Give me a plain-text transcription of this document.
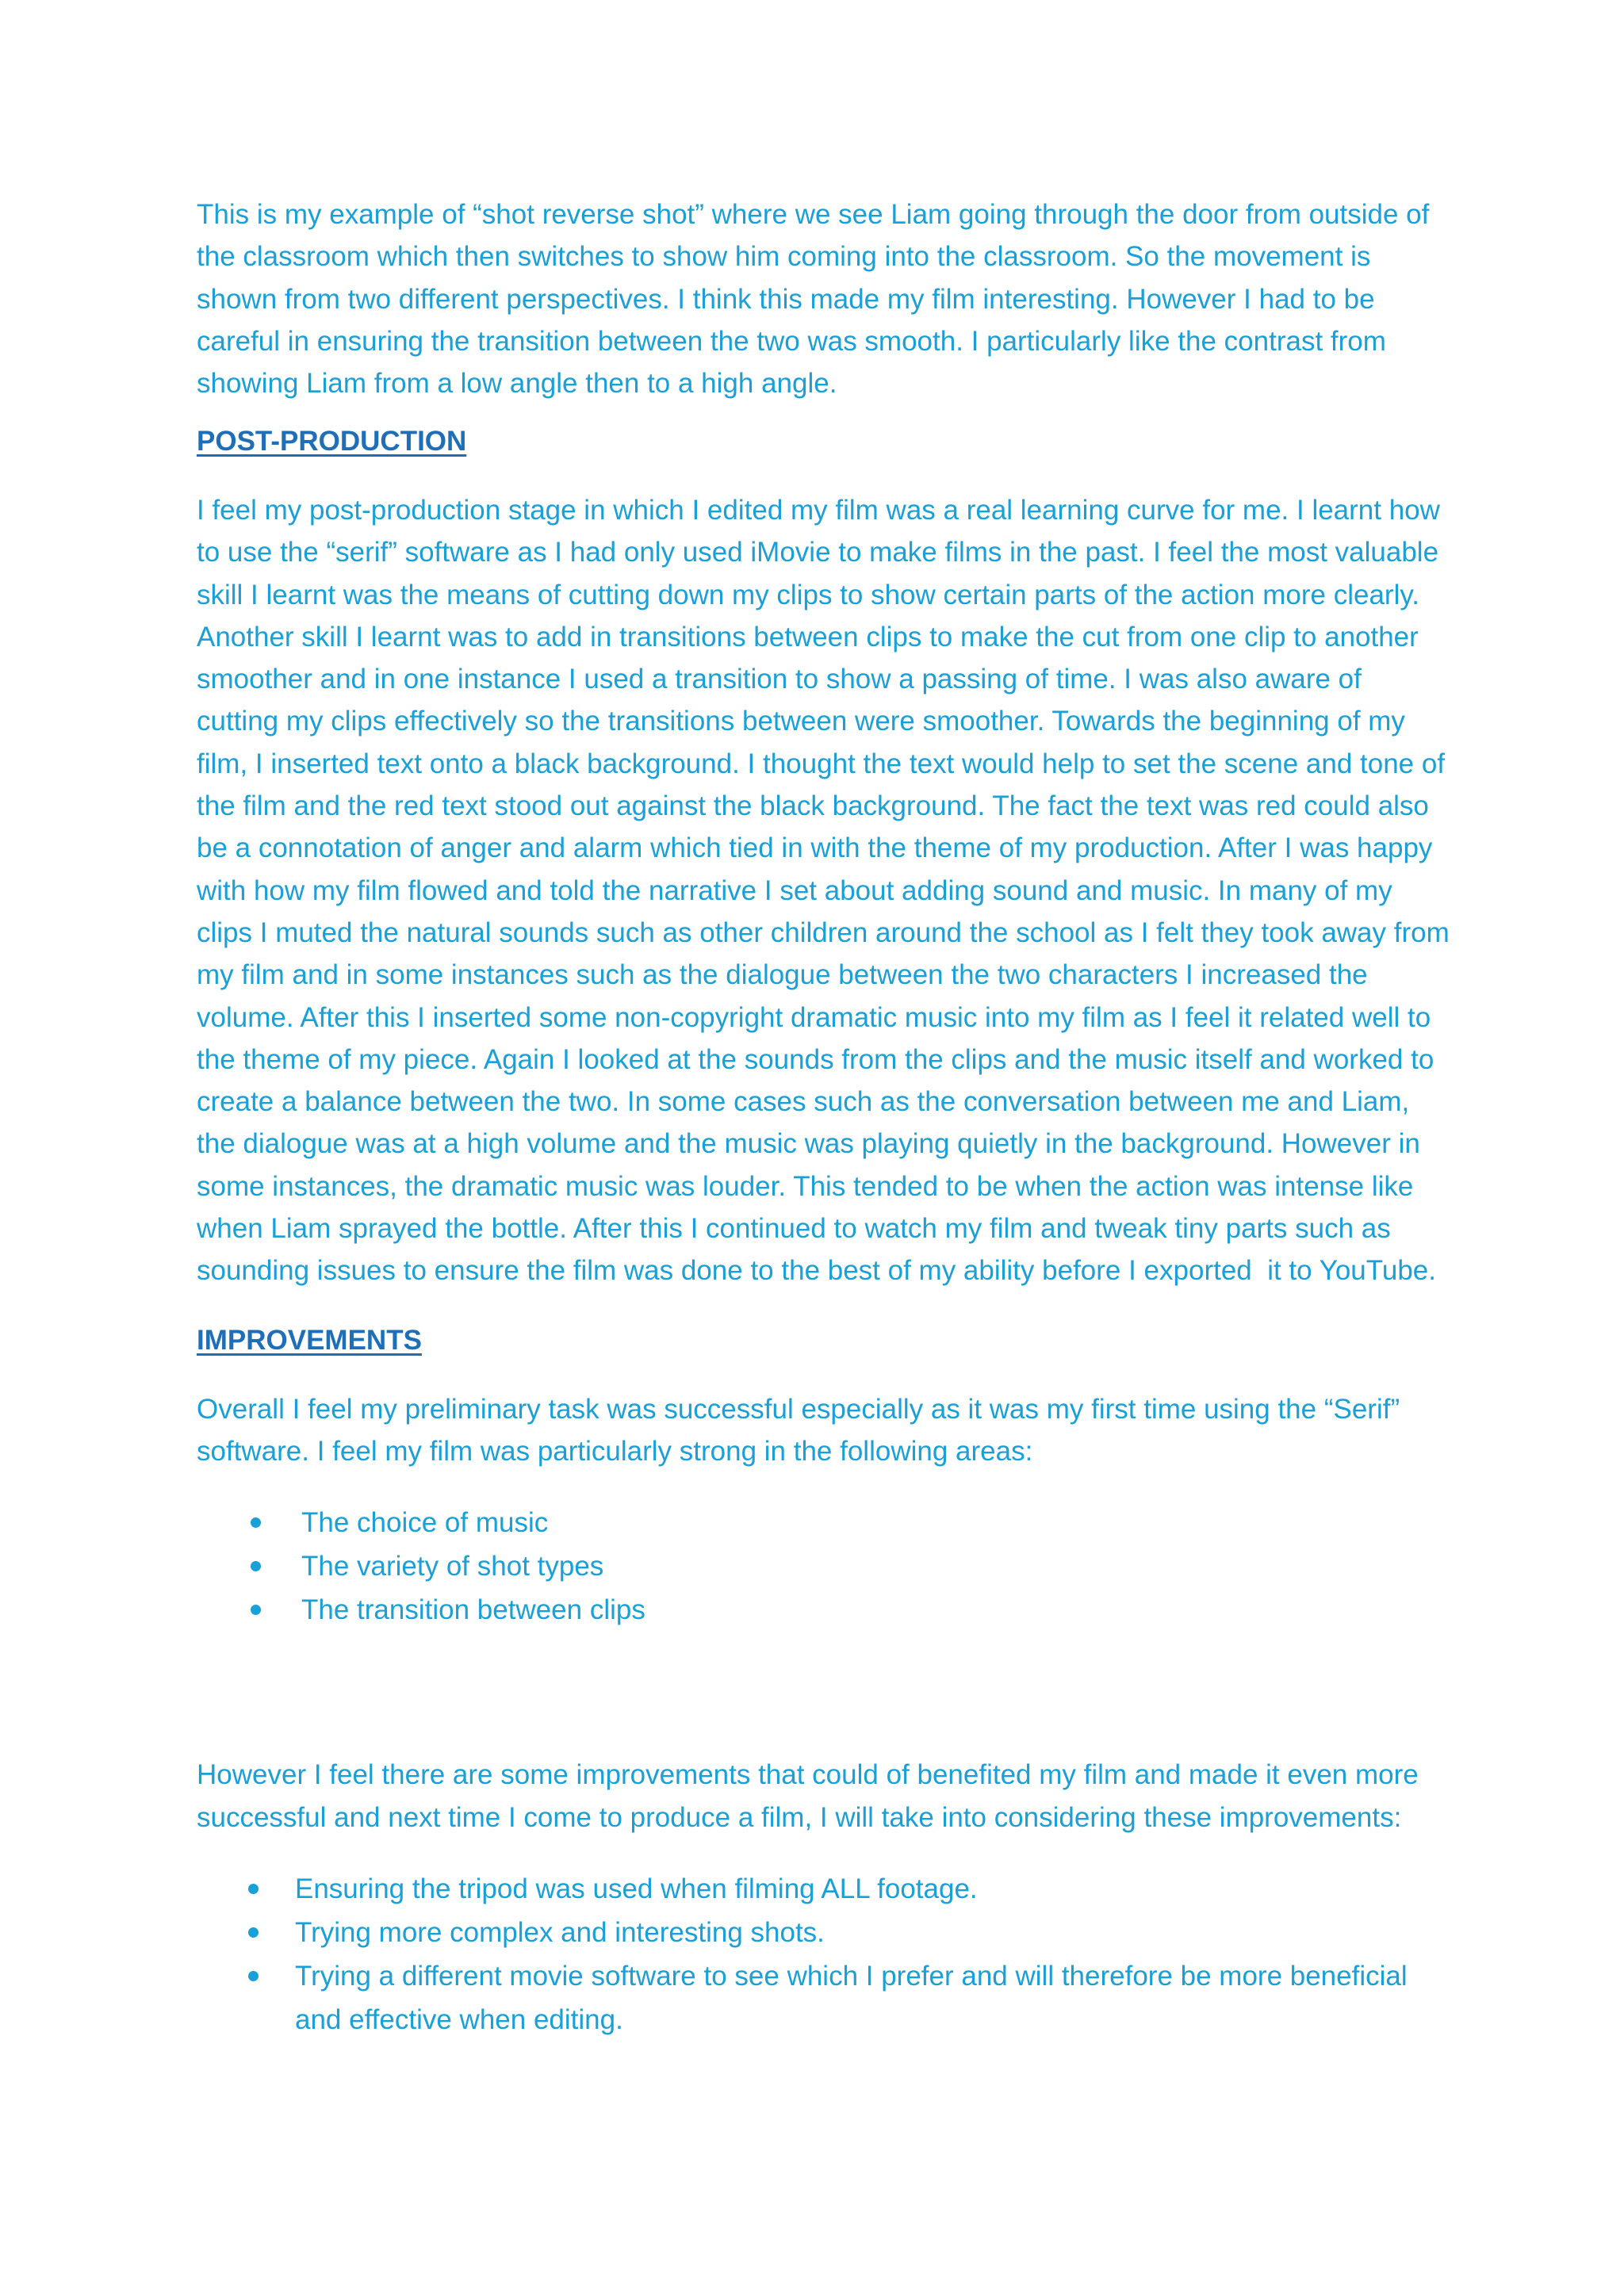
This is my example of “shot reverse shot” where we see Liam going through the door from outside of the classroom which then switches to show him coming into the classroom. So the movement is shown from two different perspectives. I think this made my film interesting. However I had to be careful in ensuring the transition between the two was smooth. I particularly like the contrast from showing Liam from a low angle then to a high angle.

POST-PRODUCTION

I feel my post-production stage in which I edited my film was a real learning curve for me. I learnt how to use the “serif” software as I had only used iMovie to make films in the past. I feel the most valuable skill I learnt was the means of cutting down my clips to show certain parts of the action more clearly. Another skill I learnt was to add in transitions between clips to make the cut from one clip to another smoother and in one instance I used a transition to show a passing of time. I was also aware of cutting my clips effectively so the transitions between were smoother. Towards the beginning of my film, I inserted text onto a black background. I thought the text would help to set the scene and tone of the film and the red text stood out against the black background. The fact the text was red could also be a connotation of anger and alarm which tied in with the theme of my production. After I was happy with how my film flowed and told the narrative I set about adding sound and music. In many of my clips I muted the natural sounds such as other children around the school as I felt they took away from my film and in some instances such as the dialogue between the two characters I increased the volume. After this I inserted some non-copyright dramatic music into my film as I feel it related well to the theme of my piece. Again I looked at the sounds from the clips and the music itself and worked to create a balance between the two. In some cases such as the conversation between me and Liam, the dialogue was at a high volume and the music was playing quietly in the background. However in some instances, the dramatic music was louder. This tended to be when the action was intense like when Liam sprayed the bottle. After this I continued to watch my film and tweak tiny parts such as sounding issues to ensure the film was done to the best of my ability before I exported  it to YouTube.

IMPROVEMENTS

Overall I feel my preliminary task was successful especially as it was my first time using the “Serif” software. I feel my film was particularly strong in the following areas:

The choice of music
The variety of shot types
The transition between clips

However I feel there are some improvements that could of benefited my film and made it even more successful and next time I come to produce a film, I will take into considering these improvements:

Ensuring the tripod was used when filming ALL footage.
Trying more complex and interesting shots.
Trying a different movie software to see which I prefer and will therefore be more beneficial and effective when editing.
